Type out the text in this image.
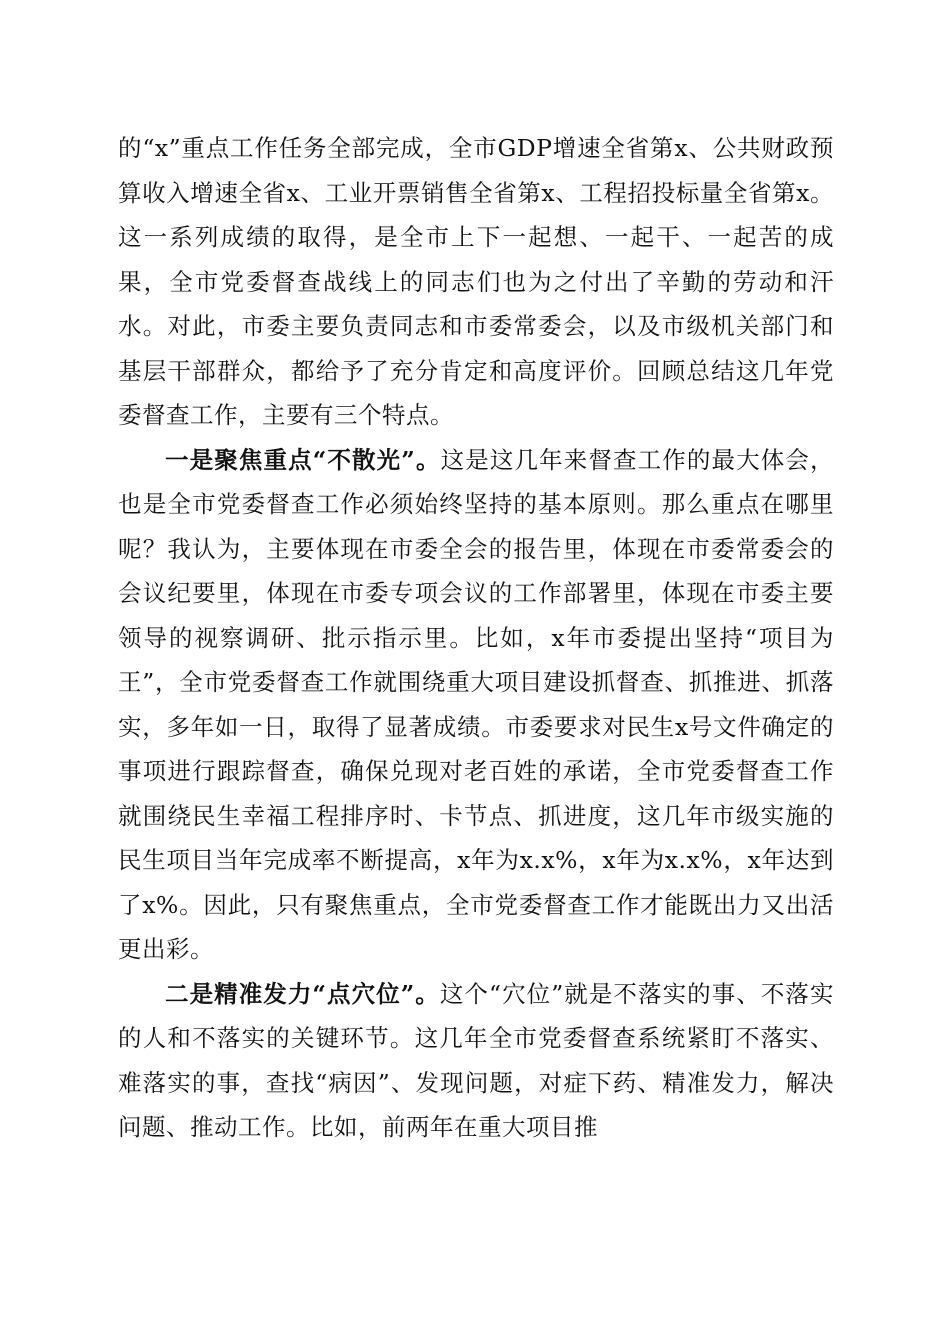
的“x”重点工作任务全部完成，全市GDP增速全省第x、公共财政预算收入增速全省x、工业开票销售全省第x、工程招投标量全省第x。这一系列成绩的取得，是全市上下一起想、一起干、一起苦的成果，全市党委督查战线上的同志们也为之付出了辛勤的劳动和汗水。对此，市委主要负责同志和市委常委会，以及市级机关部门和基层干部群众，都给予了充分肯定和高度评价。回顾总结这几年党委督查工作，主要有三个特点。

一是聚焦重点“不散光”。这是这几年来督查工作的最大体会，也是全市党委督查工作必须始终坚持的基本原则。那么重点在哪里呢？我认为，主要体现在市委全会的报告里，体现在市委常委会的会议纪要里，体现在市委专项会议的工作部署里，体现在市委主要领导的视察调研、批示指示里。比如，x年市委提出坚持“项目为王”，全市党委督查工作就围绕重大项目建设抓督查、抓推进、抓落实，多年如一日，取得了显著成绩。市委要求对民生x号文件确定的事项进行跟踪督查，确保兑现对老百姓的承诺，全市党委督查工作就围绕民生幸福工程排序时、卡节点、抓进度，这几年市级实施的民生项目当年完成率不断提高，x年为x.x%，x年为x.x%，x年达到了x%。因此，只有聚焦重点，全市党委督查工作才能既出力又出活更出彩。

二是精准发力“点穴位”。这个“穴位”就是不落实的事、不落实的人和不落实的关键环节。这几年全市党委督查系统紧盯不落实、难落实的事，查找“病因”、发现问题，对症下药、精准发力，解决问题、推动工作。比如，前两年在重大项目推
